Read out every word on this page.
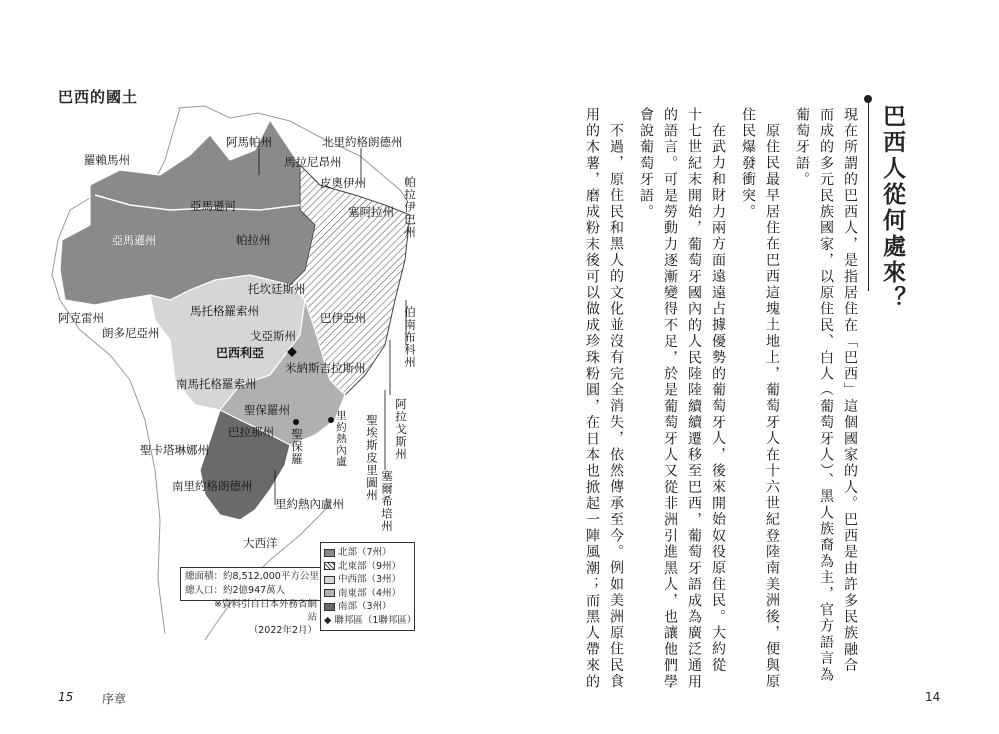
巴西的國土
阿馬帕州	北里約格朗德州
羅賴馬州	馬拉尼昂州
皮奧伊州
亞馬遜河	塞阿拉州
亞馬遜州	帕拉州
托坎廷斯州
阿克雷州
朗多尼亞州
馬托格羅索州	巴伊亞州
戈亞斯州
巴西利亞
米納斯吉拉斯州
南馬托格羅索州
聖保羅州
巴拉那州
聖卡塔琳娜州
南里約格朗德州
里約熱內盧州
大西洋
帕拉伊巴州
伯南布科州
阿拉戈斯州
塞爾希培州
聖埃斯皮里圖州
聖保羅	里約熱內盧
總面積：約8,512,000平方公里
總人口：約2億947萬人
※資料引自日本外務省網站
（2022年2月）
北部（7州）
北東部（9州）
中西部（3州）
南東部（4州）
南部（3州）
◆ 聯邦區（1聯邦區）
15 序章
巴西人從何處來？
現在所謂的巴西人，是指居住在「巴西」這個國家的人。巴西是由許多民族融合
而成的多元民族國家，以原住民、白人（葡萄牙人）、黑人族裔為主，官方語言為
葡萄牙語。
原住民最早居住在巴西這塊土地上，葡萄牙人在十六世紀登陸南美洲後，便與原
住民爆發衝突。
在武力和財力兩方面遠遠占據優勢的葡萄牙人，後來開始奴役原住民。大約從
十七世紀末開始，葡萄牙國內的人民陸陸續續遷移至巴西，葡萄牙語成為廣泛通用
的語言。可是勞動力逐漸變得不足，於是葡萄牙人又從非洲引進黑人，也讓他們學
會說葡萄牙語。
不過，原住民和黑人的文化並沒有完全消失，依然傳承至今。例如美洲原住民食
用的木薯，磨成粉末後可以做成珍珠粉圓，在日本也掀起一陣風潮；而黑人帶來的
14
